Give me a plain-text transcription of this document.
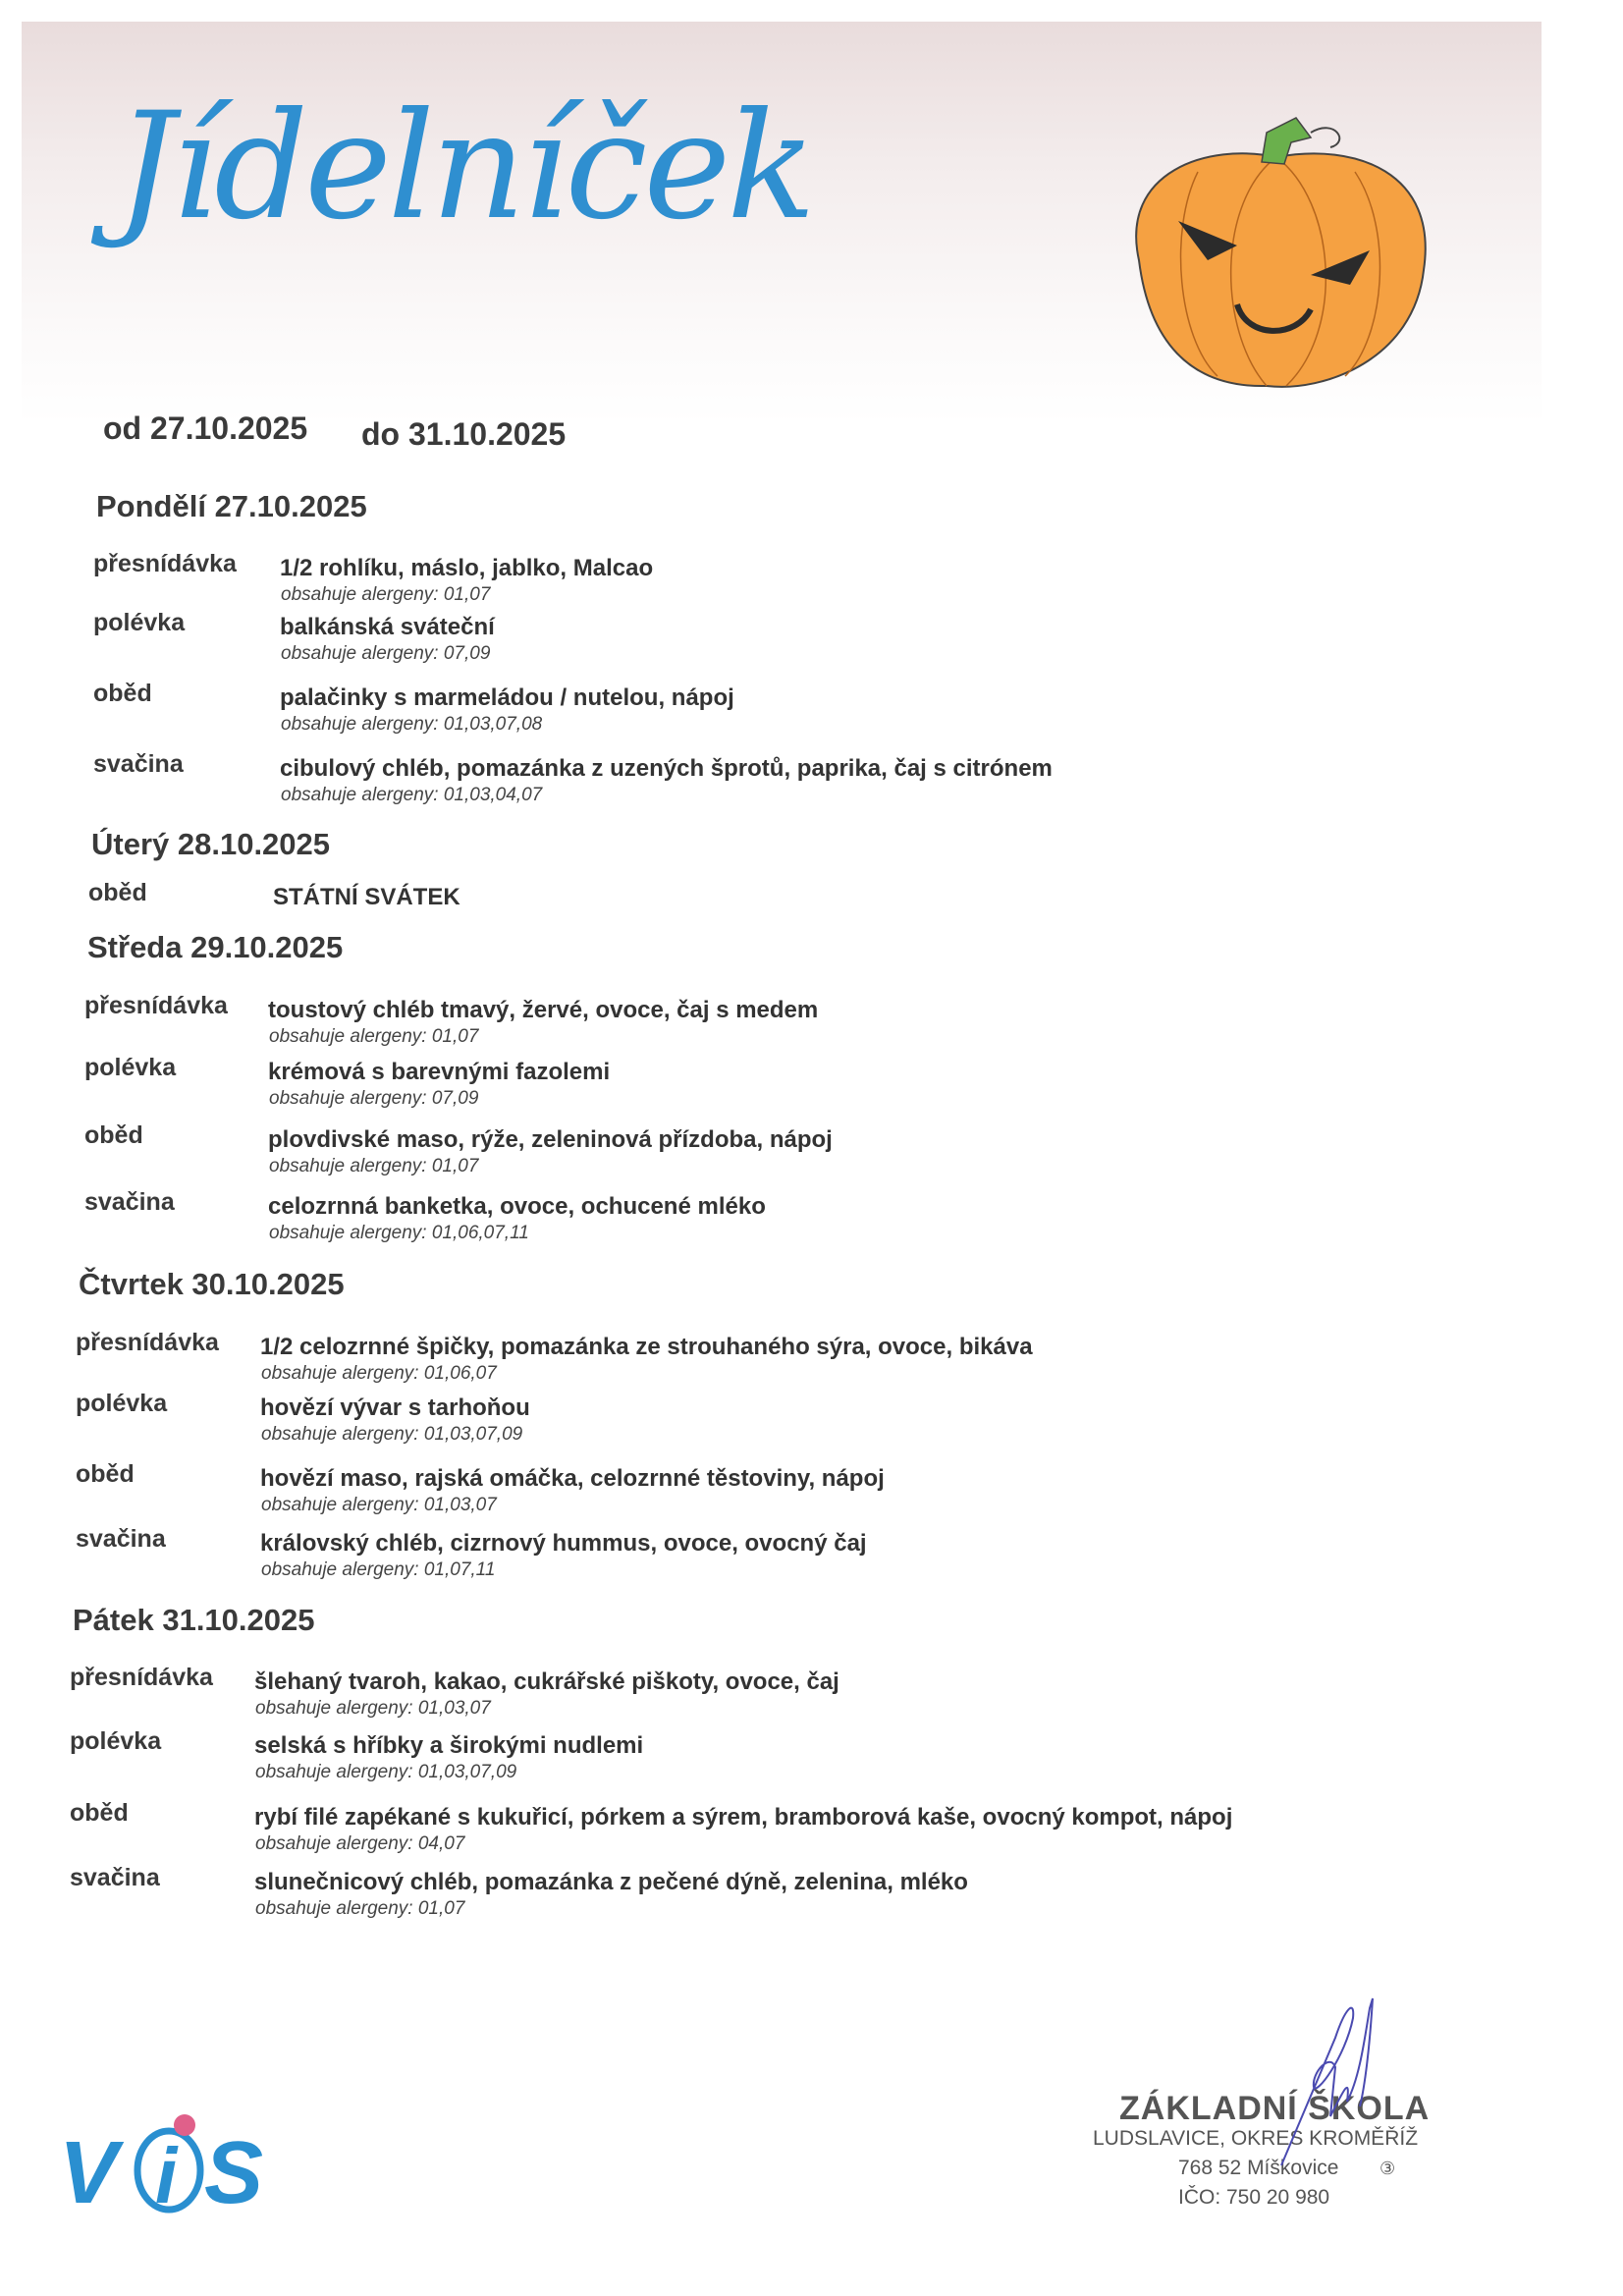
Jídelníček
od 27.10.2025 do 31.10.2025
Pondělí 27.10.2025
přesnídávka 1/2 rohlíku, máslo, jablko, Malcao
obsahuje alergeny: 01,07
polévka	balkánská sváteční
obsahuje alergeny: 07,09
oběd	palačinky s marmeládou / nutelou, nápoj
obsahuje alergeny: 01,03,07,08
svačina	cibulový chléb, pomazánka z uzených šprotů, paprika, čaj s citrónem
obsahuje alergeny: 01,03,04,07
Úterý 28.10.2025
oběd	STÁTNÍ SVÁTEK
Středa 29.10.2025
přesnídávka toustový chléb tmavý, žervé, ovoce, čaj s medem
obsahuje alergeny: 01,07
polévka	krémová s barevnými fazolemi
obsahuje alergeny: 07,09
oběd	plovdivské maso, rýže, zeleninová přízdoba, nápoj
obsahuje alergeny: 01,07
svačina	celozrnná banketka, ovoce, ochucené mléko
obsahuje alergeny: 01,06,07,11
Čtvrtek 30.10.2025
přesnídávka 1/2 celozrnné špičky, pomazánka ze strouhaného sýra, ovoce, bikáva
obsahuje alergeny: 01,06,07
polévka	hovězí vývar s tarhoňou
obsahuje alergeny: 01,03,07,09
oběd	hovězí maso, rajská omáčka, celozrnné těstoviny, nápoj
obsahuje alergeny: 01,03,07
svačina	královský chléb, cizrnový hummus, ovoce, ovocný čaj
obsahuje alergeny: 01,07,11
Pátek 31.10.2025
přesnídávka šlehaný tvaroh, kakao, cukrářské piškoty, ovoce, čaj
obsahuje alergeny: 01,03,07
polévka	selská s hříbky a širokými nudlemi
obsahuje alergeny: 01,03,07,09
oběd	rybí filé zapékané s kukuřicí, pórkem a sýrem, bramborová kaše, ovocný kompot, nápoj
obsahuje alergeny: 04,07
svačina	slunečnicový chléb, pomazánka z pečené dýně, zelenina, mléko
obsahuje alergeny: 01,07
V i S
ZÁKLADNÍ ŠKOLA
LUDSLAVICE, OKRES KROMĚŘÍŽ
768 52 Míškovice ③
IČO: 750 20 980
